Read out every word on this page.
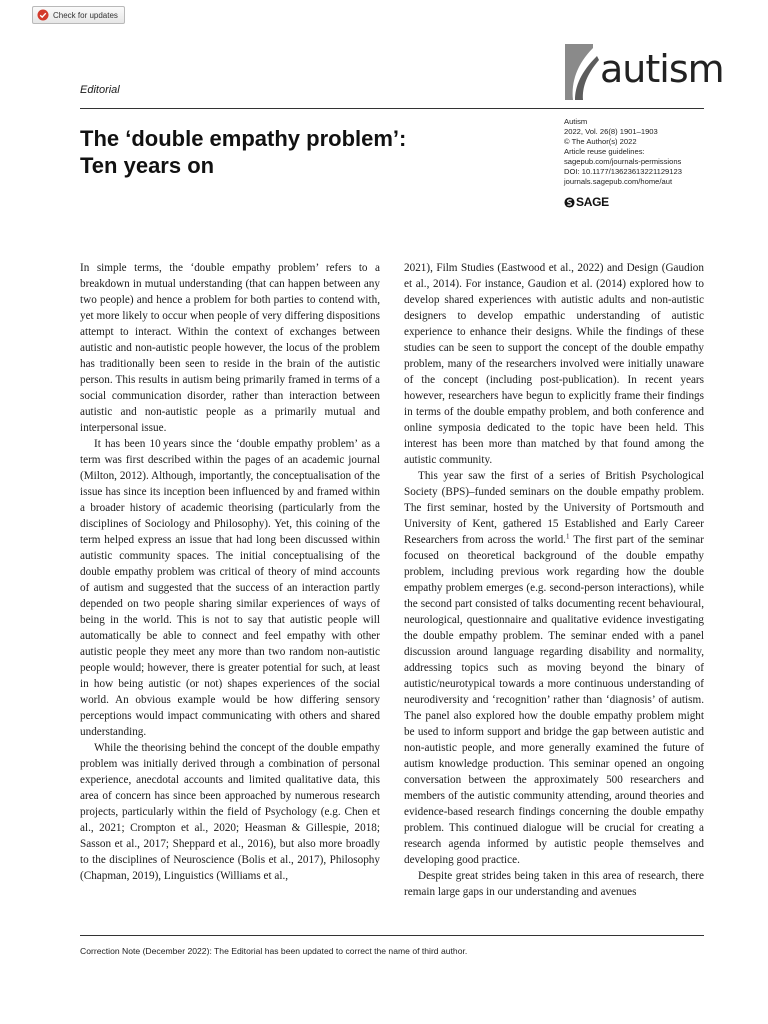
Check for updates
Editorial	autism
Autism
2022, Vol. 26(8) 1901–1903
© The Author(s) 2022
Article reuse guidelines:
sagepub.com/journals-permissions
DOI: 10.1177/13623613221129123
journals.sagepub.com/home/aut
SAGE
The ‘double empathy problem’:
Ten years on

In simple terms, the ‘double empathy problem’ refers to a breakdown in mutual understanding (that can happen between any two people) and hence a problem for both parties to contend with, yet more likely to occur when people of very differing dispositions attempt to interact. Within the context of exchanges between autistic and non-autistic people however, the locus of the problem has traditionally been seen to reside in the brain of the autistic person. This results in autism being primarily framed in terms of a social communication disorder, rather than interaction between autistic and non-autistic people as a primarily mutual and interpersonal issue.

It has been 10 years since the ‘double empathy problem’ as a term was first described within the pages of an academic journal (Milton, 2012). Although, importantly, the conceptualisation of the issue has since its inception been influenced by and framed within a broader history of academic theorising (particularly from the disciplines of Sociology and Philosophy). Yet, this coining of the term helped express an issue that had long been discussed within autistic community spaces. The initial conceptualising of the double empathy problem was critical of theory of mind accounts of autism and suggested that the success of an interaction partly depended on two people sharing similar experiences of ways of being in the world. This is not to say that autistic people will automatically be able to connect and feel empathy with other autistic people they meet any more than two random non-autistic people would; however, there is greater potential for such, at least in how being autistic (or not) shapes experiences of the social world. An obvious example would be how differing sensory perceptions would impact communicating with others and shared understanding.

While the theorising behind the concept of the double empathy problem was initially derived through a combination of personal experience, anecdotal accounts and limited qualitative data, this area of concern has since been approached by numerous research projects, particularly within the field of Psychology (e.g. Chen et al., 2021; Crompton et al., 2020; Heasman & Gillespie, 2018; Sasson et al., 2017; Sheppard et al., 2016), but also more broadly to the disciplines of Neuroscience (Bolis et al., 2017), Philosophy (Chapman, 2019), Linguistics (Williams et al.,

2021), Film Studies (Eastwood et al., 2022) and Design (Gaudion et al., 2014). For instance, Gaudion et al. (2014) explored how to develop shared experiences with autistic adults and non-autistic designers to develop empathic understanding of autistic experience to enhance their designs. While the findings of these studies can be seen to support the concept of the double empathy problem, many of the researchers involved were initially unaware of the concept (including post-publication). In recent years however, researchers have begun to explicitly frame their findings in terms of the double empathy problem, and both conference and online symposia dedicated to the topic have been held. This interest has been more than matched by that found among the autistic community.

This year saw the first of a series of British Psychological Society (BPS)–funded seminars on the double empathy problem. The first seminar, hosted by the University of Portsmouth and University of Kent, gathered 15 Established and Early Career Researchers from across the world.$^1$ The first part of the seminar focused on theoretical background of the double empathy problem, including previous work regarding how the double empathy problem emerges (e.g. second-person interactions), while the second part consisted of talks documenting recent behavioural, neurological, questionnaire and qualitative evidence investigating the double empathy problem. The seminar ended with a panel discussion around language regarding disability and normality, addressing topics such as moving beyond the binary of autistic/neurotypical towards a more continuous understanding of neurodiversity and ‘recognition’ rather than ‘diagnosis’ of autism. The panel also explored how the double empathy problem might be used to inform support and bridge the gap between autistic and non-autistic people, and more generally examined the future of autism knowledge production. This seminar opened an ongoing conversation between the approximately 500 researchers and members of the autistic community attending, around theories and evidence-based research findings concerning the double empathy problem. This continued dialogue will be crucial for creating a research agenda informed by autistic people themselves and developing good practice.

Despite great strides being taken in this area of research, there remain large gaps in our understanding and avenues

Correction Note (December 2022): The Editorial has been updated to correct the name of third author.
